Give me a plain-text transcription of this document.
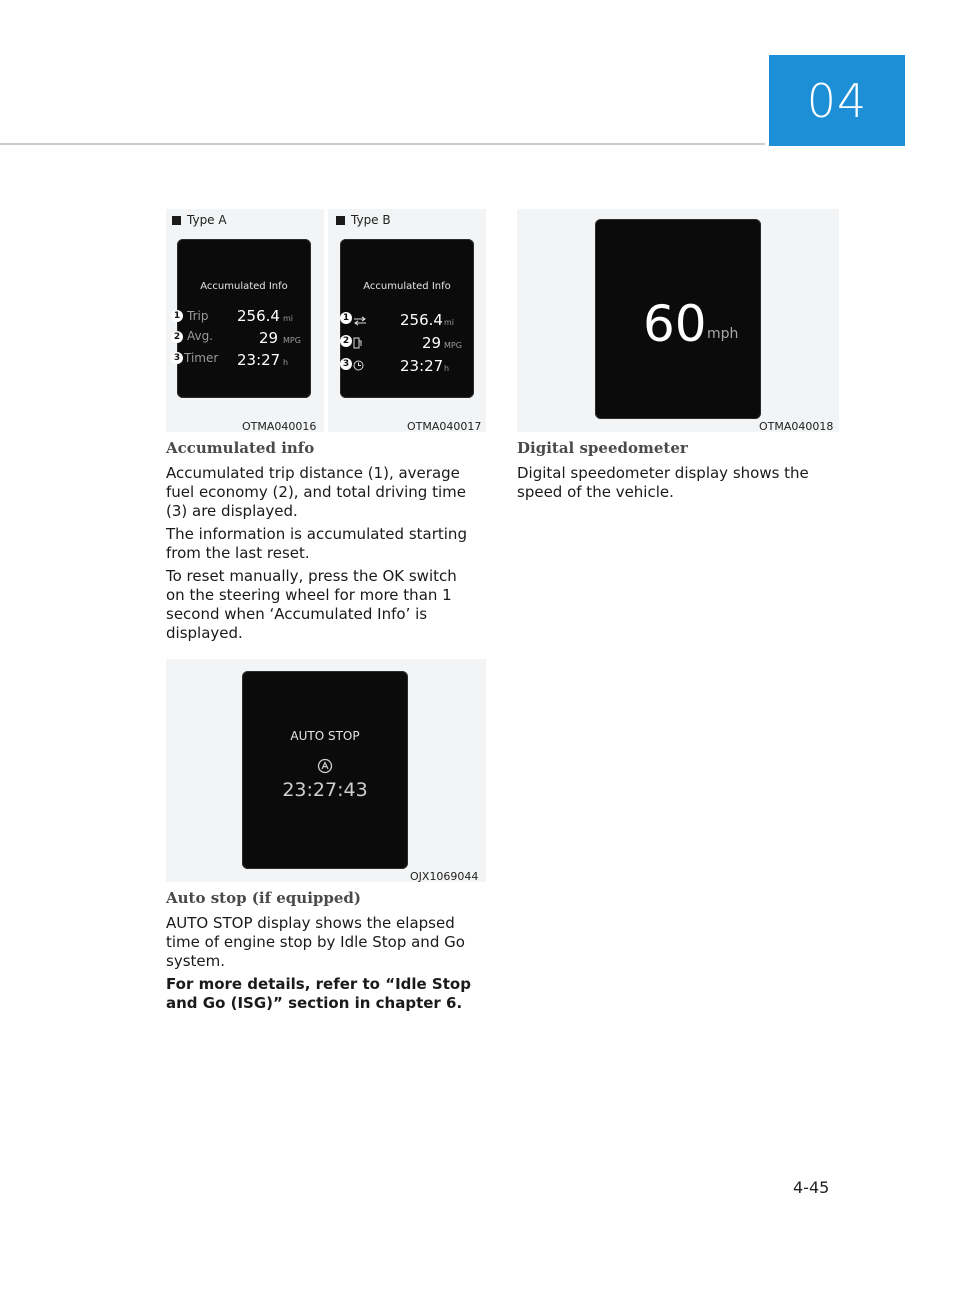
04
Type A
Accumulated Info
Trip 256.4 mi
Avg.	29 MPG
Timer 23:27 h
1
2
3
OTMA040016
Type B
Accumulated Info
256.4 mi
29 MPG
23:27 h
1
2
3
OTMA040017
60 mph
OTMA040018
AUTO STOP
23:27:43
OJX1069044
Accumulated info

Accumulated trip distance (1), average fuel economy (2), and total driving time (3) are displayed.

The information is accumulated starting from the last reset.

To reset manually, press the OK switch on the steering wheel for more than 1 second when ‘Accumulated Info’ is displayed.

Auto stop (if equipped)

AUTO STOP display shows the elapsed time of engine stop by Idle Stop and Go system.

For more details, refer to “Idle Stop and Go (ISG)” section in chapter 6.

Digital speedometer

Digital speedometer display shows the speed of the vehicle.

4-45
